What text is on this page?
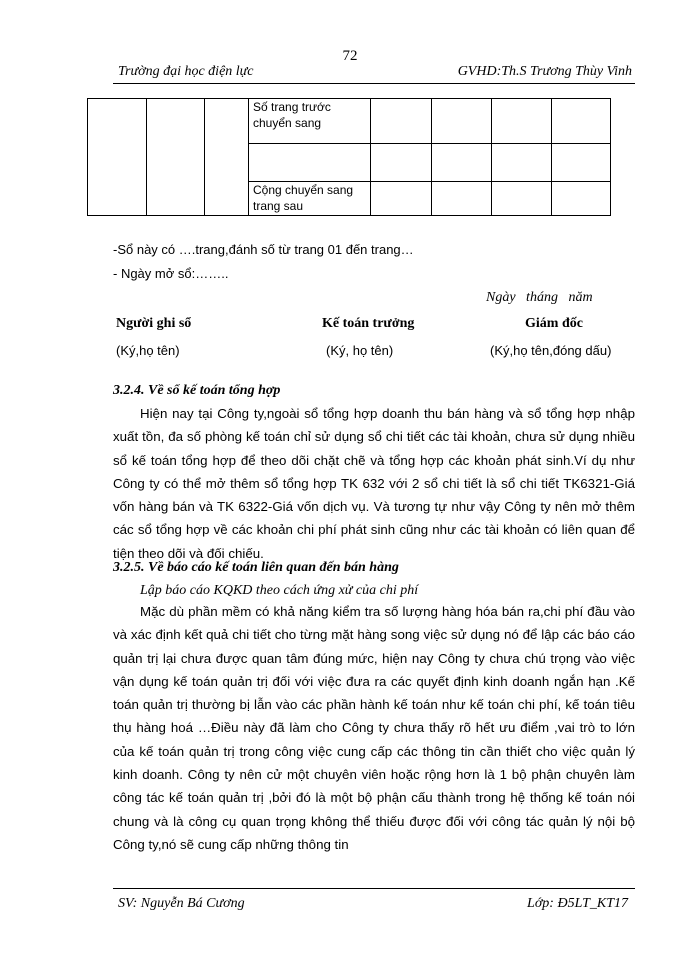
72
Trường đại học điện lực	GVHD:Th.S Trương Thùy Vinh
			Số trang trước chuyển sang				

			Cộng chuyển sang trang sau				
-Sổ này có ….trang,đánh số từ trang 01 đến trang…
- Ngày mở sổ:……..
Ngày   tháng   năm
Người ghi sổ	Kế toán trưởng	Giám đốc
(Ký,họ tên)	(Ký, họ tên)	(Ký,họ tên,đóng dấu)
3.2.4. Về sổ kế toán tổng hợp

Hiện nay tại Công ty,ngoài sổ tổng hợp doanh thu bán hàng và sổ tổng hợp nhập xuất tồn, đa số phòng kế toán chỉ sử dụng sổ chi tiết các tài khoản, chưa sử dụng nhiều sổ kế toán tổng hợp để theo dõi chặt chẽ và tổng hợp các khoản phát sinh.Ví dụ như Công ty có thể mở thêm sổ tổng hợp TK 632 với 2 sổ chi tiết là sổ chi tiết TK6321-Giá vốn hàng bán và TK 6322-Giá vốn dịch vụ. Và tương tự như vậy Công ty nên mở thêm các sổ tổng hợp về các khoản chi phí phát sinh cũng như các tài khoản có liên quan để tiện theo dõi và đối chiếu.

3.2.5. Về báo cáo kế toán liên quan đến bán hàng
Lập báo cáo KQKD theo cách ứng xử của chi phí

Mặc dù phần mềm có khả năng kiểm tra số lượng hàng hóa bán ra,chi phí đầu vào và xác định kết quả chi tiết cho từng mặt hàng song việc sử dụng nó để lập các báo cáo quản trị lại chưa được quan tâm đúng mức, hiện nay Công ty chưa chú trọng vào việc vận dụng kế toán quản trị đối với việc đưa ra các quyết định kinh doanh ngắn hạn .Kế toán quản trị thường bị lẫn vào các phần hành kế toán như kế toán chi phí, kế toán tiêu thụ hàng hoá …Điều này đã làm cho Công ty chưa thấy rõ hết ưu điểm ,vai trò to lớn của kế toán quản trị trong công việc cung cấp các thông tin cần thiết cho việc quản lý kinh doanh. Công ty nên cử một chuyên viên hoặc rộng hơn là 1 bộ phận chuyên làm công tác kế toán quản trị ,bởi đó là một bộ phận cấu thành trong hệ thống kế toán nói chung và là công cụ quan trọng không thể thiếu được đối với công tác quản lý nội bộ Công ty,nó sẽ cung cấp những thông tin

SV: Nguyễn Bá Cương	Lớp: Đ5LT_KT17
